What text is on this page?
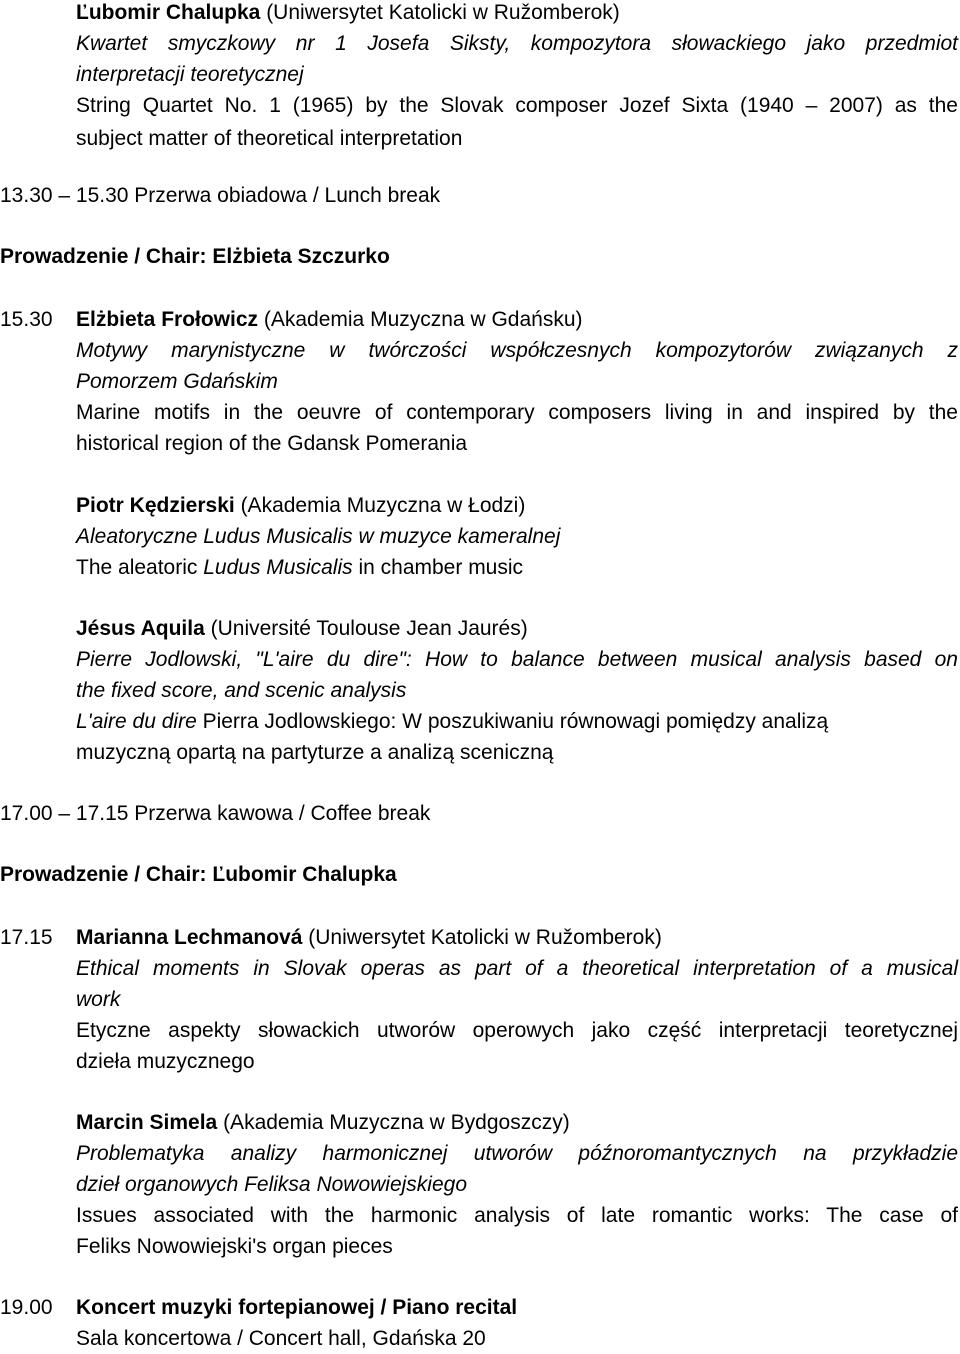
Ľubomir Chalupka (Uniwersytet Katolicki w Ružomberok)
Kwartet smyczkowy nr 1 Josefa Siksty, kompozytora słowackiego jako przedmiot
interpretacji teoretycznej
String Quartet No. 1 (1965) by the Slovak composer Jozef Sixta (1940 – 2007) as the
subject matter of theoretical interpretation
13.30 – 15.30 Przerwa obiadowa / Lunch break
Prowadzenie / Chair: Elżbieta Szczurko
15.30 Elżbieta Frołowicz (Akademia Muzyczna w Gdańsku)
Motywy marynistyczne w twórczości współczesnych kompozytorów związanych z
Pomorzem Gdańskim
Marine motifs in the oeuvre of contemporary composers living in and inspired by the
historical region of the Gdansk Pomerania
Piotr Kędzierski (Akademia Muzyczna w Łodzi)
Aleatoryczne Ludus Musicalis w muzyce kameralnej
The aleatoric Ludus Musicalis in chamber music
Jésus Aquila (Université Toulouse Jean Jaurés)
Pierre Jodlowski, "L'aire du dire": How to balance between musical analysis based on
the fixed score, and scenic analysis
L'aire du dire Pierra Jodlowskiego: W poszukiwaniu równowagi pomiędzy analizą
muzyczną opartą na partyturze a analizą sceniczną
17.00 – 17.15 Przerwa kawowa / Coffee break
Prowadzenie / Chair: Ľubomir Chalupka
17.15 Marianna Lechmanová (Uniwersytet Katolicki w Ružomberok)
Ethical moments in Slovak operas as part of a theoretical interpretation of a musical
work
Etyczne aspekty słowackich utworów operowych jako część interpretacji teoretycznej
dzieła muzycznego
Marcin Simela (Akademia Muzyczna w Bydgoszczy)
Problematyka analizy harmonicznej utworów późnoromantycznych na przykładzie
dzieł organowych Feliksa Nowowiejskiego
Issues associated with the harmonic analysis of late romantic works: The case of
Feliks Nowowiejski's organ pieces
19.00 Koncert muzyki fortepianowej / Piano recital
Sala koncertowa / Concert hall, Gdańska 20
